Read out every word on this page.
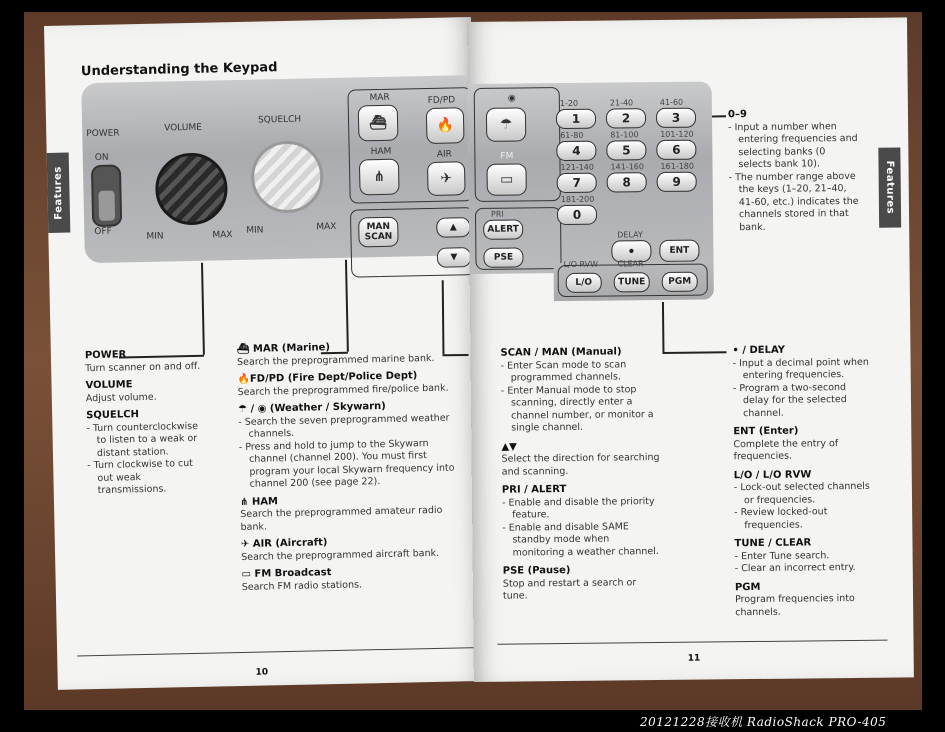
Features
Understanding the Keypad
POWER
VOLUME
SQUELCH
ON
OFF	MIN	MAX MIN	MAX
MAR
⛴
FD/PD
🔥
HAM
⋔
AIR
✈
MAN
SCAN
▲
▼
POWER
Turn scanner on and off.
VOLUME
Adjust volume.
SQUELCH
- Turn counterclockwise to listen to a weak or distant station.
- Turn clockwise to cut out weak transmissions.
⛴ MAR (Marine)
Search the preprogrammed marine bank.
🔥FD/PD (Fire Dept/Police Dept)
Search the preprogrammed fire/police bank.
☂ / ◉ (Weather / Skywarn)
- Search the seven preprogrammed weather channels.
- Press and hold to jump to the Skywarn channel (channel 200). You must first program your local Skywarn frequency into channel 200 (see page 22).
⋔ HAM
Search the preprogrammed amateur radio bank.
✈ AIR (Aircraft)
Search the preprogrammed aircraft bank.
▭ FM Broadcast
Search FM radio stations.
10
Features
◉
☂
FM
▭
PRI
ALERT
PSE
1-20
1
21-40
2
41-60
3
61-80
4
81-100
5
101-120
6
121-140
7
141-160
8
161-180
9
181-200
0
DELAY
•	ENT
L/O RVW CLEAR
L/O	TUNE	PGM
0–9
- Input a number when entering frequencies and selecting banks (0 selects bank 10).
- The number range above the keys (1–20, 21–40, 41-60, etc.) indicates the channels stored in that bank.
SCAN / MAN (Manual)
- Enter Scan mode to scan programmed channels.
- Enter Manual mode to stop scanning, directly enter a channel number, or monitor a single channel.
▲▼
Select the direction for searching and scanning.
PRI / ALERT
- Enable and disable the priority feature.
- Enable and disable SAME standby mode when monitoring a weather channel.
PSE (Pause)
Stop and restart a search or tune.
• / DELAY
- Input a decimal point when entering frequencies.
- Program a two-second delay for the selected channel.
ENT (Enter)
Complete the entry of frequencies.
L/O / L/O RVW
- Lock-out selected channels or frequencies.
- Review locked-out frequencies.
TUNE / CLEAR
- Enter Tune search.
- Clear an incorrect entry.
PGM
Program frequencies into channels.
11
20121228接收机 RadioShack PRO-405
